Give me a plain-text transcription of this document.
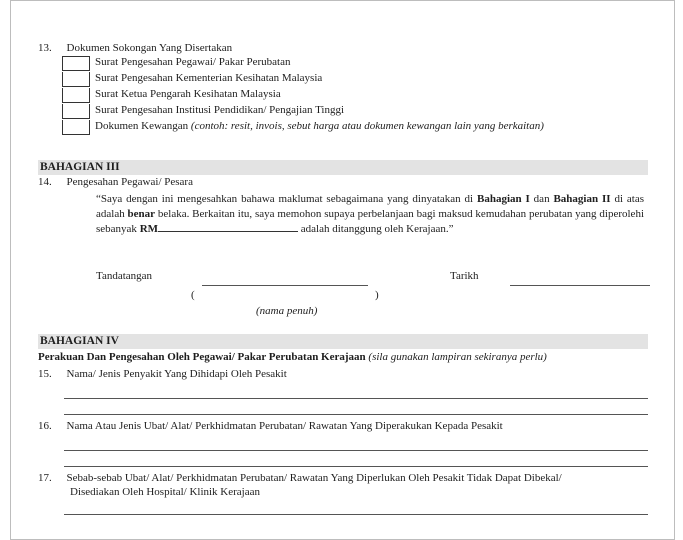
13. Dokumen Sokongan Yang Disertakan
Surat Pengesahan Pegawai/ Pakar Perubatan
Surat Pengesahan Kementerian Kesihatan Malaysia
Surat Ketua Pengarah Kesihatan Malaysia
Surat Pengesahan Institusi Pendidikan/ Pengajian Tinggi
Dokumen Kewangan (contoh: resit, invois, sebut harga atau dokumen kewangan lain yang berkaitan)
BAHAGIAN III
14. Pengesahan Pegawai/ Pesara
“Saya dengan ini mengesahkan bahawa maklumat sebagaimana yang dinyatakan di Bahagian I dan Bahagian II di atas adalah benar belaka. Berkaitan itu, saya memohon supaya perbelanjaan bagi maksud kemudahan perubatan yang diperolehi sebanyak RM	adalah ditanggung oleh Kerajaan.”
Tandatangan	Tarikh
(	)
(nama penuh)
BAHAGIAN IV
Perakuan Dan Pengesahan Oleh Pegawai/ Pakar Perubatan Kerajaan (sila gunakan lampiran sekiranya perlu)
15. Nama/ Jenis Penyakit Yang Dihidapi Oleh Pesakit
16. Nama Atau Jenis Ubat/ Alat/ Perkhidmatan Perubatan/ Rawatan Yang Diperakukan Kepada Pesakit
17. Sebab-sebab Ubat/ Alat/ Perkhidmatan Perubatan/ Rawatan Yang Diperlukan Oleh Pesakit Tidak Dapat Dibekal/
Disediakan Oleh Hospital/ Klinik Kerajaan
